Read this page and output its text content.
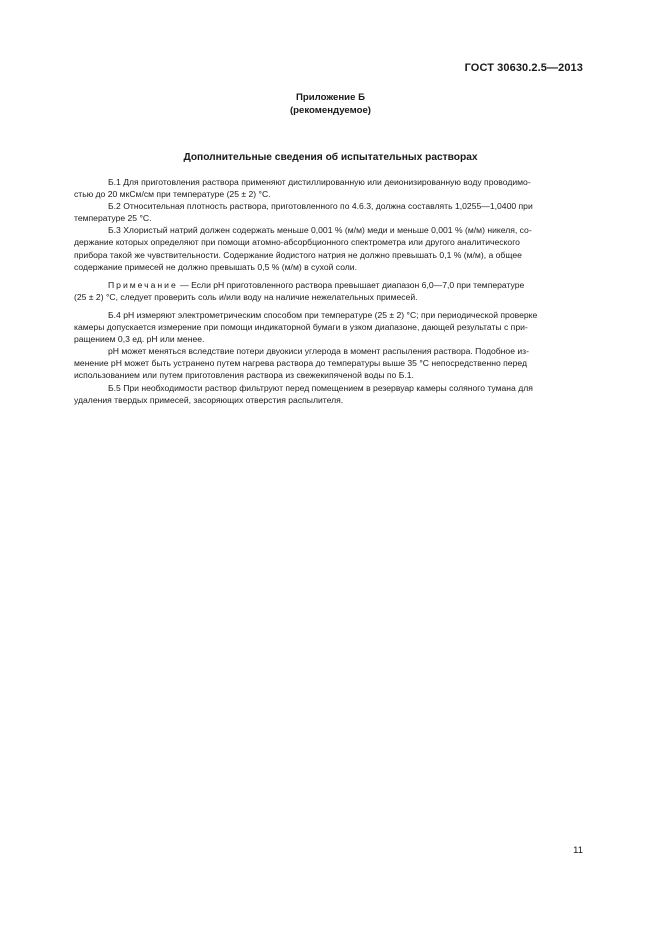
ГОСТ 30630.2.5—2013
Приложение Б
(рекомендуемое)
Дополнительные сведения об испытательных растворах
Б.1 Для приготовления раствора применяют дистиллированную или деионизированную воду проводимо-
стью до 20 мкСм/см при температуре (25 ± 2) °С.
Б.2 Относительная плотность раствора, приготовленного по 4.6.3, должна составлять 1,0255—1,0400 при
температуре 25 °С.
Б.3 Хлористый натрий должен содержать меньше 0,001 % (м/м) меди и меньше 0,001 % (м/м) никеля, со-
держание которых определяют при помощи атомно-абсорбционного спектрометра или другого аналитического
прибора такой же чувствительности. Содержание йодистого натрия не должно превышать 0,1 % (м/м), а общее
содержание примесей не должно превышать 0,5 % (м/м) в сухой соли.
Примечание — Если pH приготовленного раствора превышает диапазон 6,0—7,0 при температуре
(25 ± 2) °С, следует проверить соль и/или воду на наличие нежелательных примесей.
Б.4 pH измеряют электрометрическим способом при температуре (25 ± 2) °С; при периодической проверке
камеры допускается измерение при помощи индикаторной бумаги в узком диапазоне, дающей результаты с при-
ращением 0,3 ед. pH или менее.
pH может меняться вследствие потери двуокиси углерода в момент распыления раствора. Подобное из-
менение pH может быть устранено путем нагрева раствора до температуры выше 35 °С непосредственно перед
использованием или путем приготовления раствора из свежекипяченой воды по Б.1.
Б.5 При необходимости раствор фильтруют перед помещением в резервуар камеры соляного тумана для
удаления твердых примесей, засоряющих отверстия распылителя.
11
